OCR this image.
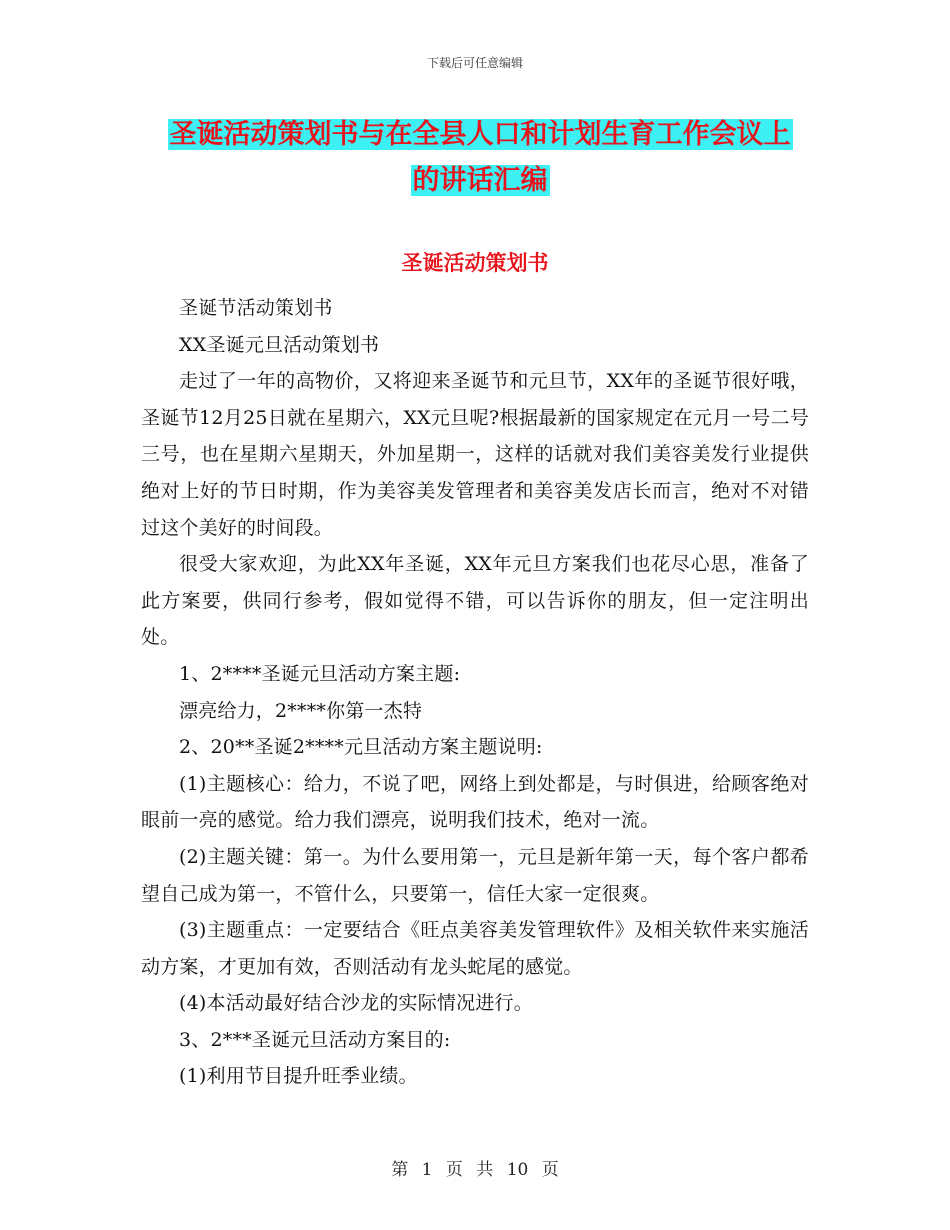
下载后可任意编辑
圣诞活动策划书与在全县人口和计划生育工作会议上
的讲话汇编
圣诞活动策划书

圣诞节活动策划书

XX圣诞元旦活动策划书

走过了一年的高物价，又将迎来圣诞节和元旦节，XX年的圣诞节很好哦，圣诞节12月25日就在星期六，XX元旦呢?根据最新的国家规定在元月一号二号三号，也在星期六星期天，外加星期一，这样的话就对我们美容美发行业提供绝对上好的节日时期，作为美容美发管理者和美容美发店长而言，绝对不对错过这个美好的时间段。

很受大家欢迎，为此XX年圣诞，XX年元旦方案我们也花尽心思，准备了此方案要，供同行参考，假如觉得不错，可以告诉你的朋友，但一定注明出处。

1、2****圣诞元旦活动方案主题:

漂亮给力，2****你第一杰特

2、20**圣诞2****元旦活动方案主题说明:

(1)主题核心：给力，不说了吧，网络上到处都是，与时俱进，给顾客绝对眼前一亮的感觉。给力我们漂亮，说明我们技术，绝对一流。

(2)主题关键：第一。为什么要用第一，元旦是新年第一天，每个客户都希望自己成为第一，不管什么，只要第一，信任大家一定很爽。

(3)主题重点：一定要结合《旺点美容美发管理软件》及相关软件来实施活动方案，才更加有效，否则活动有龙头蛇尾的感觉。

(4)本活动最好结合沙龙的实际情况进行。

3、2***圣诞元旦活动方案目的:

(1)利用节目提升旺季业绩。

第 1 页 共 10 页
